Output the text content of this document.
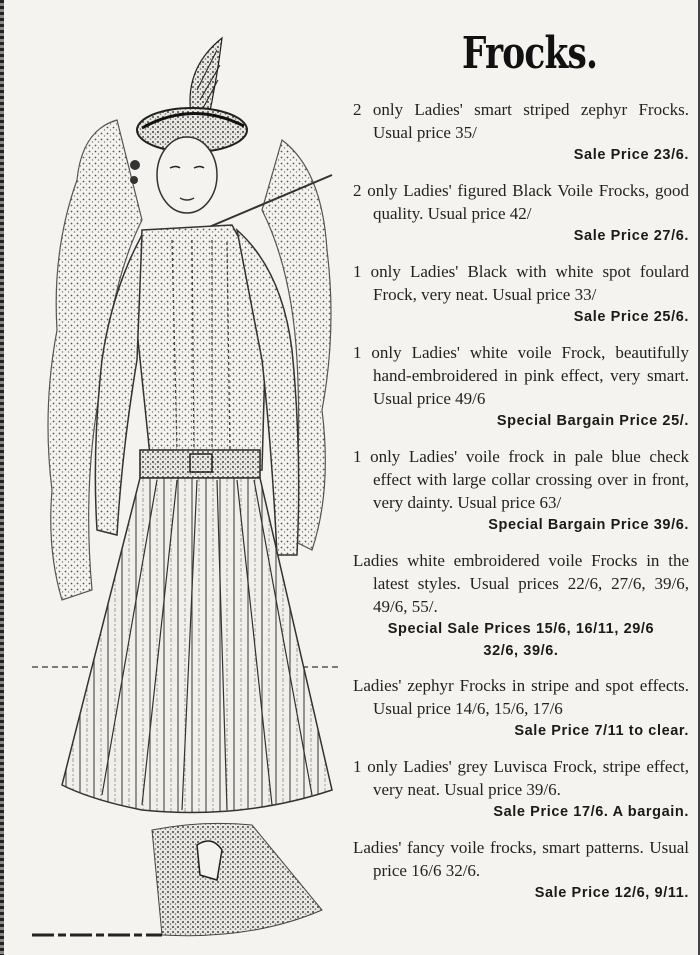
Frocks.
2 only Ladies' smart striped zephyr Frocks. Usual price 35/
Sale Price 23/6.
2 only Ladies' figured Black Voile Frocks, good quality. Usual price 42/
Sale Price 27/6.
1 only Ladies' Black with white spot foulard Frock, very neat. Usual price 33/
Sale Price 25/6.
1 only Ladies' white voile Frock, beautifully hand-embroidered in pink effect, very smart. Usual price 49/6
Special Bargain Price 25/.
1 only Ladies' voile frock in pale blue check effect with large collar crossing over in front, very dainty. Usual price 63/
Special Bargain Price 39/6.
Ladies white embroidered voile Frocks in the latest styles. Usual prices 22/6, 27/6, 39/6, 49/6, 55/.
Special Sale Prices 15/6, 16/11, 29/6
32/6, 39/6.
Ladies' zephyr Frocks in stripe and spot effects. Usual price 14/6, 15/6, 17/6
Sale Price 7/11 to clear.
1 only Ladies' grey Luvisca Frock, stripe effect, very neat. Usual price 39/6.
Sale Price 17/6. A bargain.
Ladies' fancy voile frocks, smart patterns. Usual price 16/6 32/6.
Sale Price 12/6, 9/11.
